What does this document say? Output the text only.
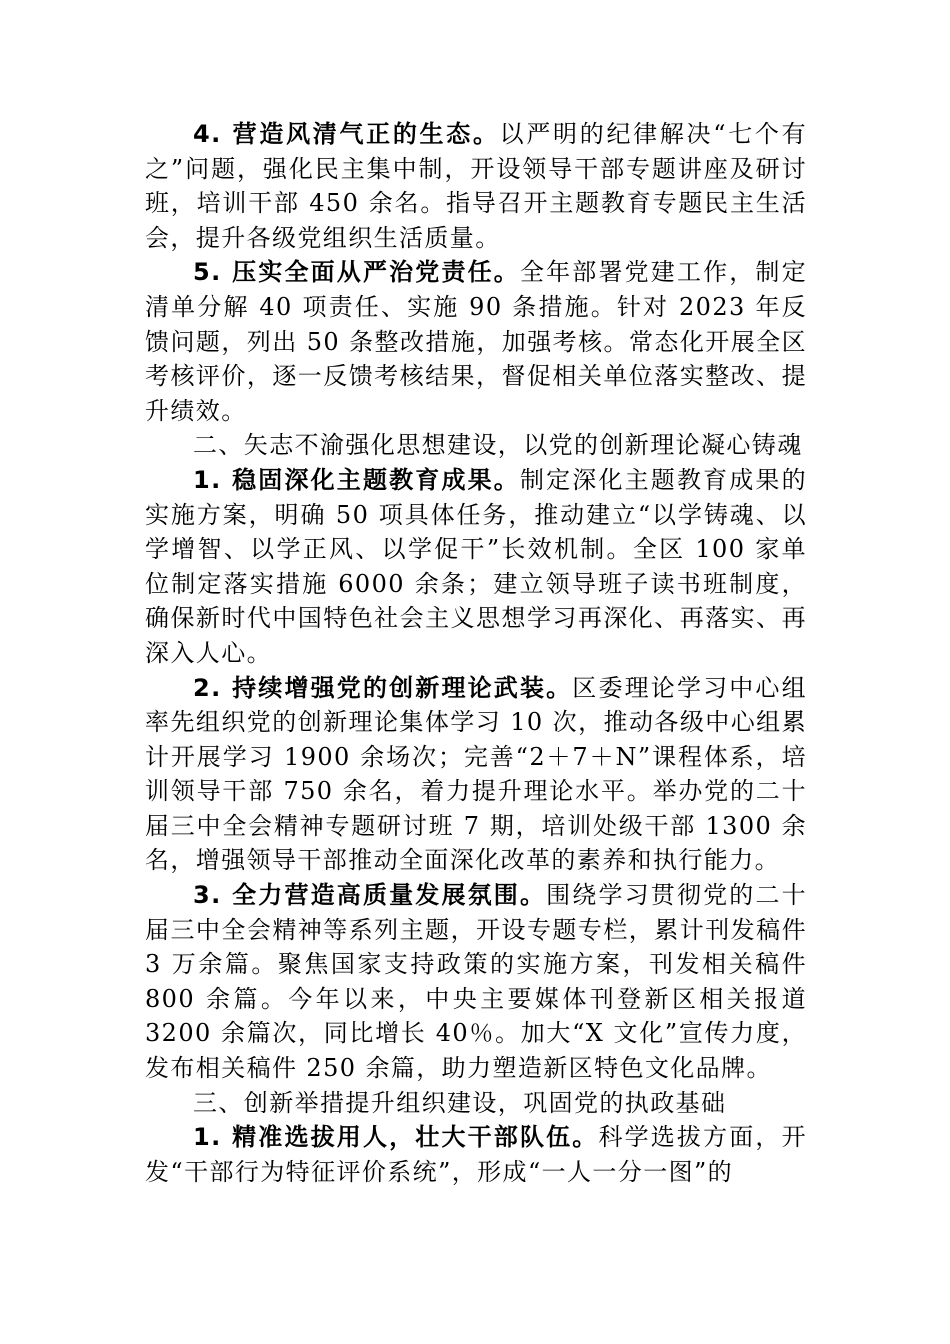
4. 营造风清气正的生态。以严明的纪律解决“七个有之”问题，强化民主集中制，开设领导干部专题讲座及研讨班，培训干部 450 余名。指导召开主题教育专题民主生活会，提升各级党组织生活质量。

5. 压实全面从严治党责任。全年部署党建工作，制定清单分解 40 项责任、实施 90 条措施。针对 2023 年反馈问题，列出 50 条整改措施，加强考核。常态化开展全区考核评价，逐一反馈考核结果，督促相关单位落实整改、提升绩效。

二、矢志不渝强化思想建设，以党的创新理论凝心铸魂

1. 稳固深化主题教育成果。制定深化主题教育成果的实施方案，明确 50 项具体任务，推动建立“以学铸魂、以学增智、以学正风、以学促干”长效机制。全区 100 家单位制定落实措施 6000 余条；建立领导班子读书班制度，确保新时代中国特色社会主义思想学习再深化、再落实、再深入人心。

2. 持续增强党的创新理论武装。区委理论学习中心组率先组织党的创新理论集体学习 10 次，推动各级中心组累计开展学习 1900 余场次；完善“2＋7＋N”课程体系，培训领导干部 750 余名，着力提升理论水平。举办党的二十届三中全会精神专题研讨班 7 期，培训处级干部 1300 余名，增强领导干部推动全面深化改革的素养和执行能力。

3. 全力营造高质量发展氛围。围绕学习贯彻党的二十届三中全会精神等系列主题，开设专题专栏，累计刊发稿件 3 万余篇。聚焦国家支持政策的实施方案，刊发相关稿件 800 余篇。今年以来，中央主要媒体刊登新区相关报道 3200 余篇次，同比增长 40％。加大“X 文化”宣传力度，发布相关稿件 250 余篇，助力塑造新区特色文化品牌。

三、创新举措提升组织建设，巩固党的执政基础

1. 精准选拔用人，壮大干部队伍。科学选拔方面，开发“干部行为特征评价系统”，形成“一人一分一图”的
